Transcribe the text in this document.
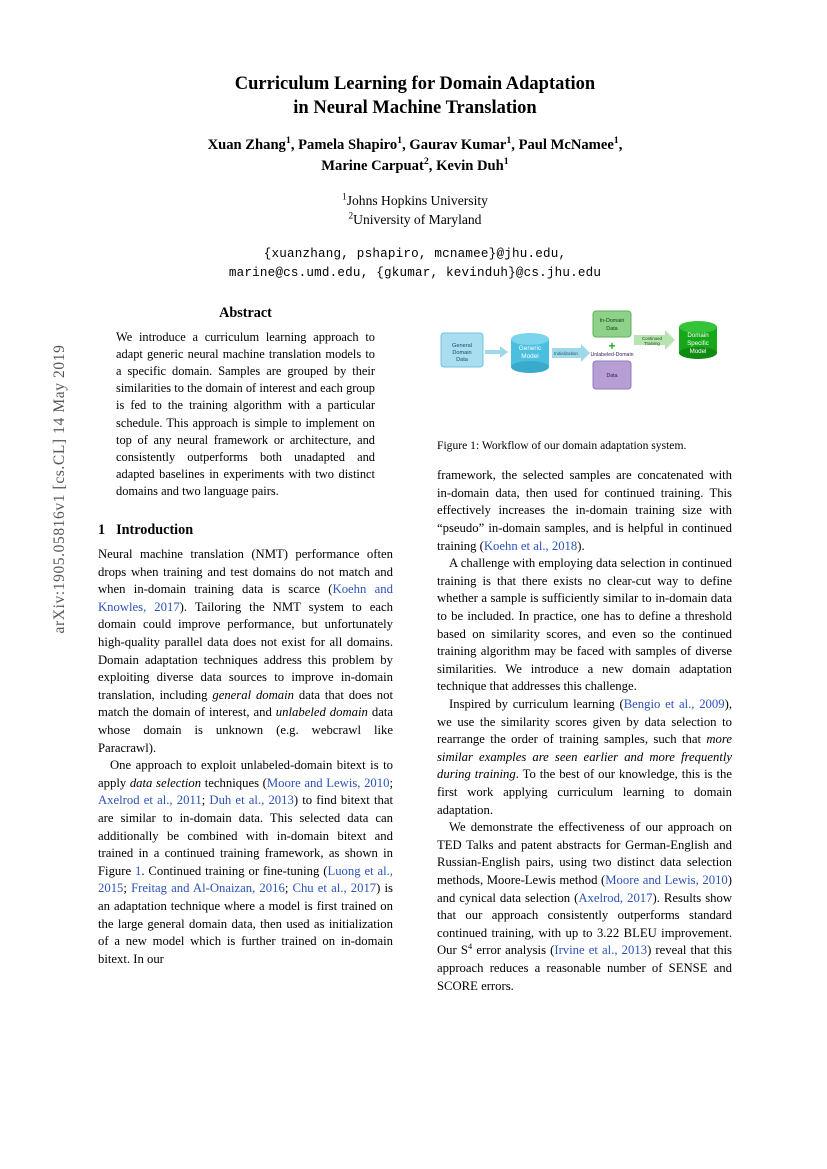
arXiv:1905.05816v1 [cs.CL] 14 May 2019
Curriculum Learning for Domain Adaptation
in Neural Machine Translation
Xuan Zhang$^1$, Pamela Shapiro$^1$, Gaurav Kumar$^1$, Paul McNamee$^1$,
Marine Carpuat$^2$, Kevin Duh$^1$
$^1$Johns Hopkins University
$^2$University of Maryland
{xuanzhang, pshapiro, mcnamee}@jhu.edu,
marine@cs.umd.edu, {gkumar, kevinduh}@cs.jhu.edu
Abstract
We introduce a curriculum learning approach to adapt generic neural machine translation models to a specific domain. Samples are grouped by their similarities to the domain of interest and each group is fed to the training algorithm with a particular schedule. This approach is simple to implement on top of any neural framework or architecture, and consistently outperforms both unadapted and adapted baselines in experiments with two distinct domains and two language pairs.
1 Introduction

Neural machine translation (NMT) performance often drops when training and test domains do not match and when in-domain training data is scarce (Koehn and Knowles, 2017). Tailoring the NMT system to each domain could improve performance, but unfortunately high-quality parallel data does not exist for all domains. Domain adaptation techniques address this problem by exploiting diverse data sources to improve in-domain translation, including general domain data that does not match the domain of interest, and unlabeled domain data whose domain is unknown (e.g. webcrawl like Paracrawl).

One approach to exploit unlabeled-domain bitext is to apply data selection techniques (Moore and Lewis, 2010; Axelrod et al., 2011; Duh et al., 2013) to find bitext that are similar to in-domain data. This selected data can additionally be combined with in-domain bitext and trained in a continued training framework, as shown in Figure 1. Continued training or fine-tuning (Luong et al., 2015; Freitag and Al-Onaizan, 2016; Chu et al., 2017) is an adaptation technique where a model is first trained on the large general domain data, then used as initialization of a new model which is further trained on in-domain bitext. In our

General
Domain
Data
Generic
Model	Initialization
In-Domain
Data
+
Data
Unlabeled-Domain
Continued
Training
Domain
Specific
Model
Figure 1: Workflow of our domain adaptation system.

framework, the selected samples are concatenated with in-domain data, then used for continued training. This effectively increases the in-domain training size with “pseudo” in-domain samples, and is helpful in continued training (Koehn et al., 2018).

A challenge with employing data selection in continued training is that there exists no clear-cut way to define whether a sample is sufficiently similar to in-domain data to be included. In practice, one has to define a threshold based on similarity scores, and even so the continued training algorithm may be faced with samples of diverse similarities. We introduce a new domain adaptation technique that addresses this challenge.

Inspired by curriculum learning (Bengio et al., 2009), we use the similarity scores given by data selection to rearrange the order of training samples, such that more similar examples are seen earlier and more frequently during training. To the best of our knowledge, this is the first work applying curriculum learning to domain adaptation.

We demonstrate the effectiveness of our approach on TED Talks and patent abstracts for German-English and Russian-English pairs, using two distinct data selection methods, Moore-Lewis method (Moore and Lewis, 2010) and cynical data selection (Axelrod, 2017). Results show that our approach consistently outperforms standard continued training, with up to 3.22 BLEU improvement. Our $S^4$ error analysis (Irvine et al., 2013) reveal that this approach reduces a reasonable number of SENSE and SCORE errors.
